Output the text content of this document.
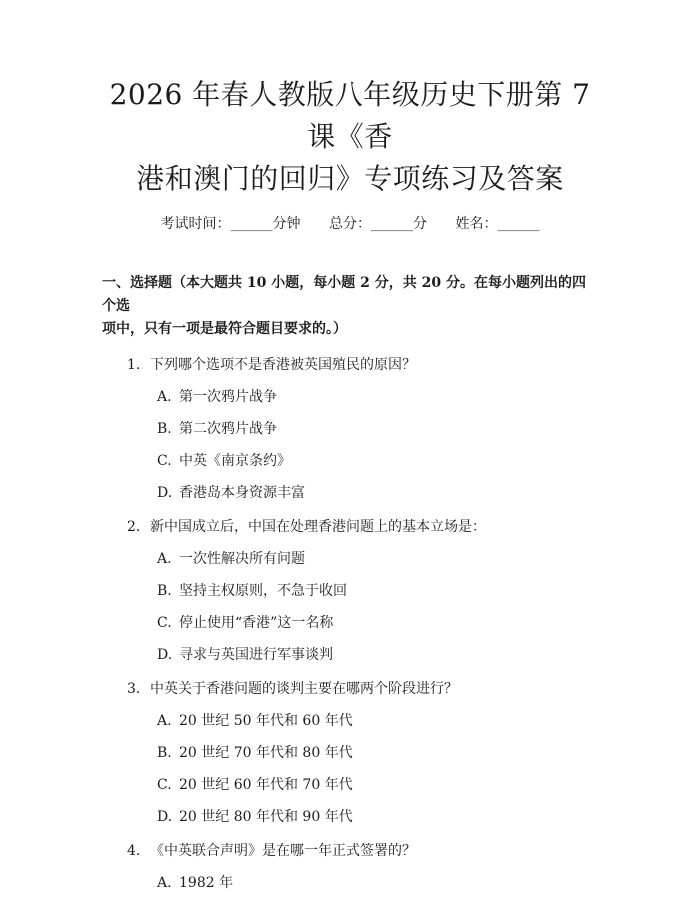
2026 年春人教版八年级历史下册第 7 课《香
港和澳门的回归》专项练习及答案
考试时间：______分钟 总分：______分 姓名：______
一、选择题（本大题共 10 小题，每小题 2 分，共 20 分。在每小题列出的四个选
项中，只有一项是最符合题目要求的。）
1. 下列哪个选项不是香港被英国殖民的原因？
A. 第一次鸦片战争
B. 第二次鸦片战争
C. 中英《南京条约》
D. 香港岛本身资源丰富
2. 新中国成立后，中国在处理香港问题上的基本立场是：
A. 一次性解决所有问题
B. 坚持主权原则，不急于收回
C. 停止使用“香港”这一名称
D. 寻求与英国进行军事谈判
3. 中英关于香港问题的谈判主要在哪两个阶段进行？
A. 20 世纪 50 年代和 60 年代
B. 20 世纪 70 年代和 80 年代
C. 20 世纪 60 年代和 70 年代
D. 20 世纪 80 年代和 90 年代
4. 《中英联合声明》是在哪一年正式签署的？
A. 1982 年
